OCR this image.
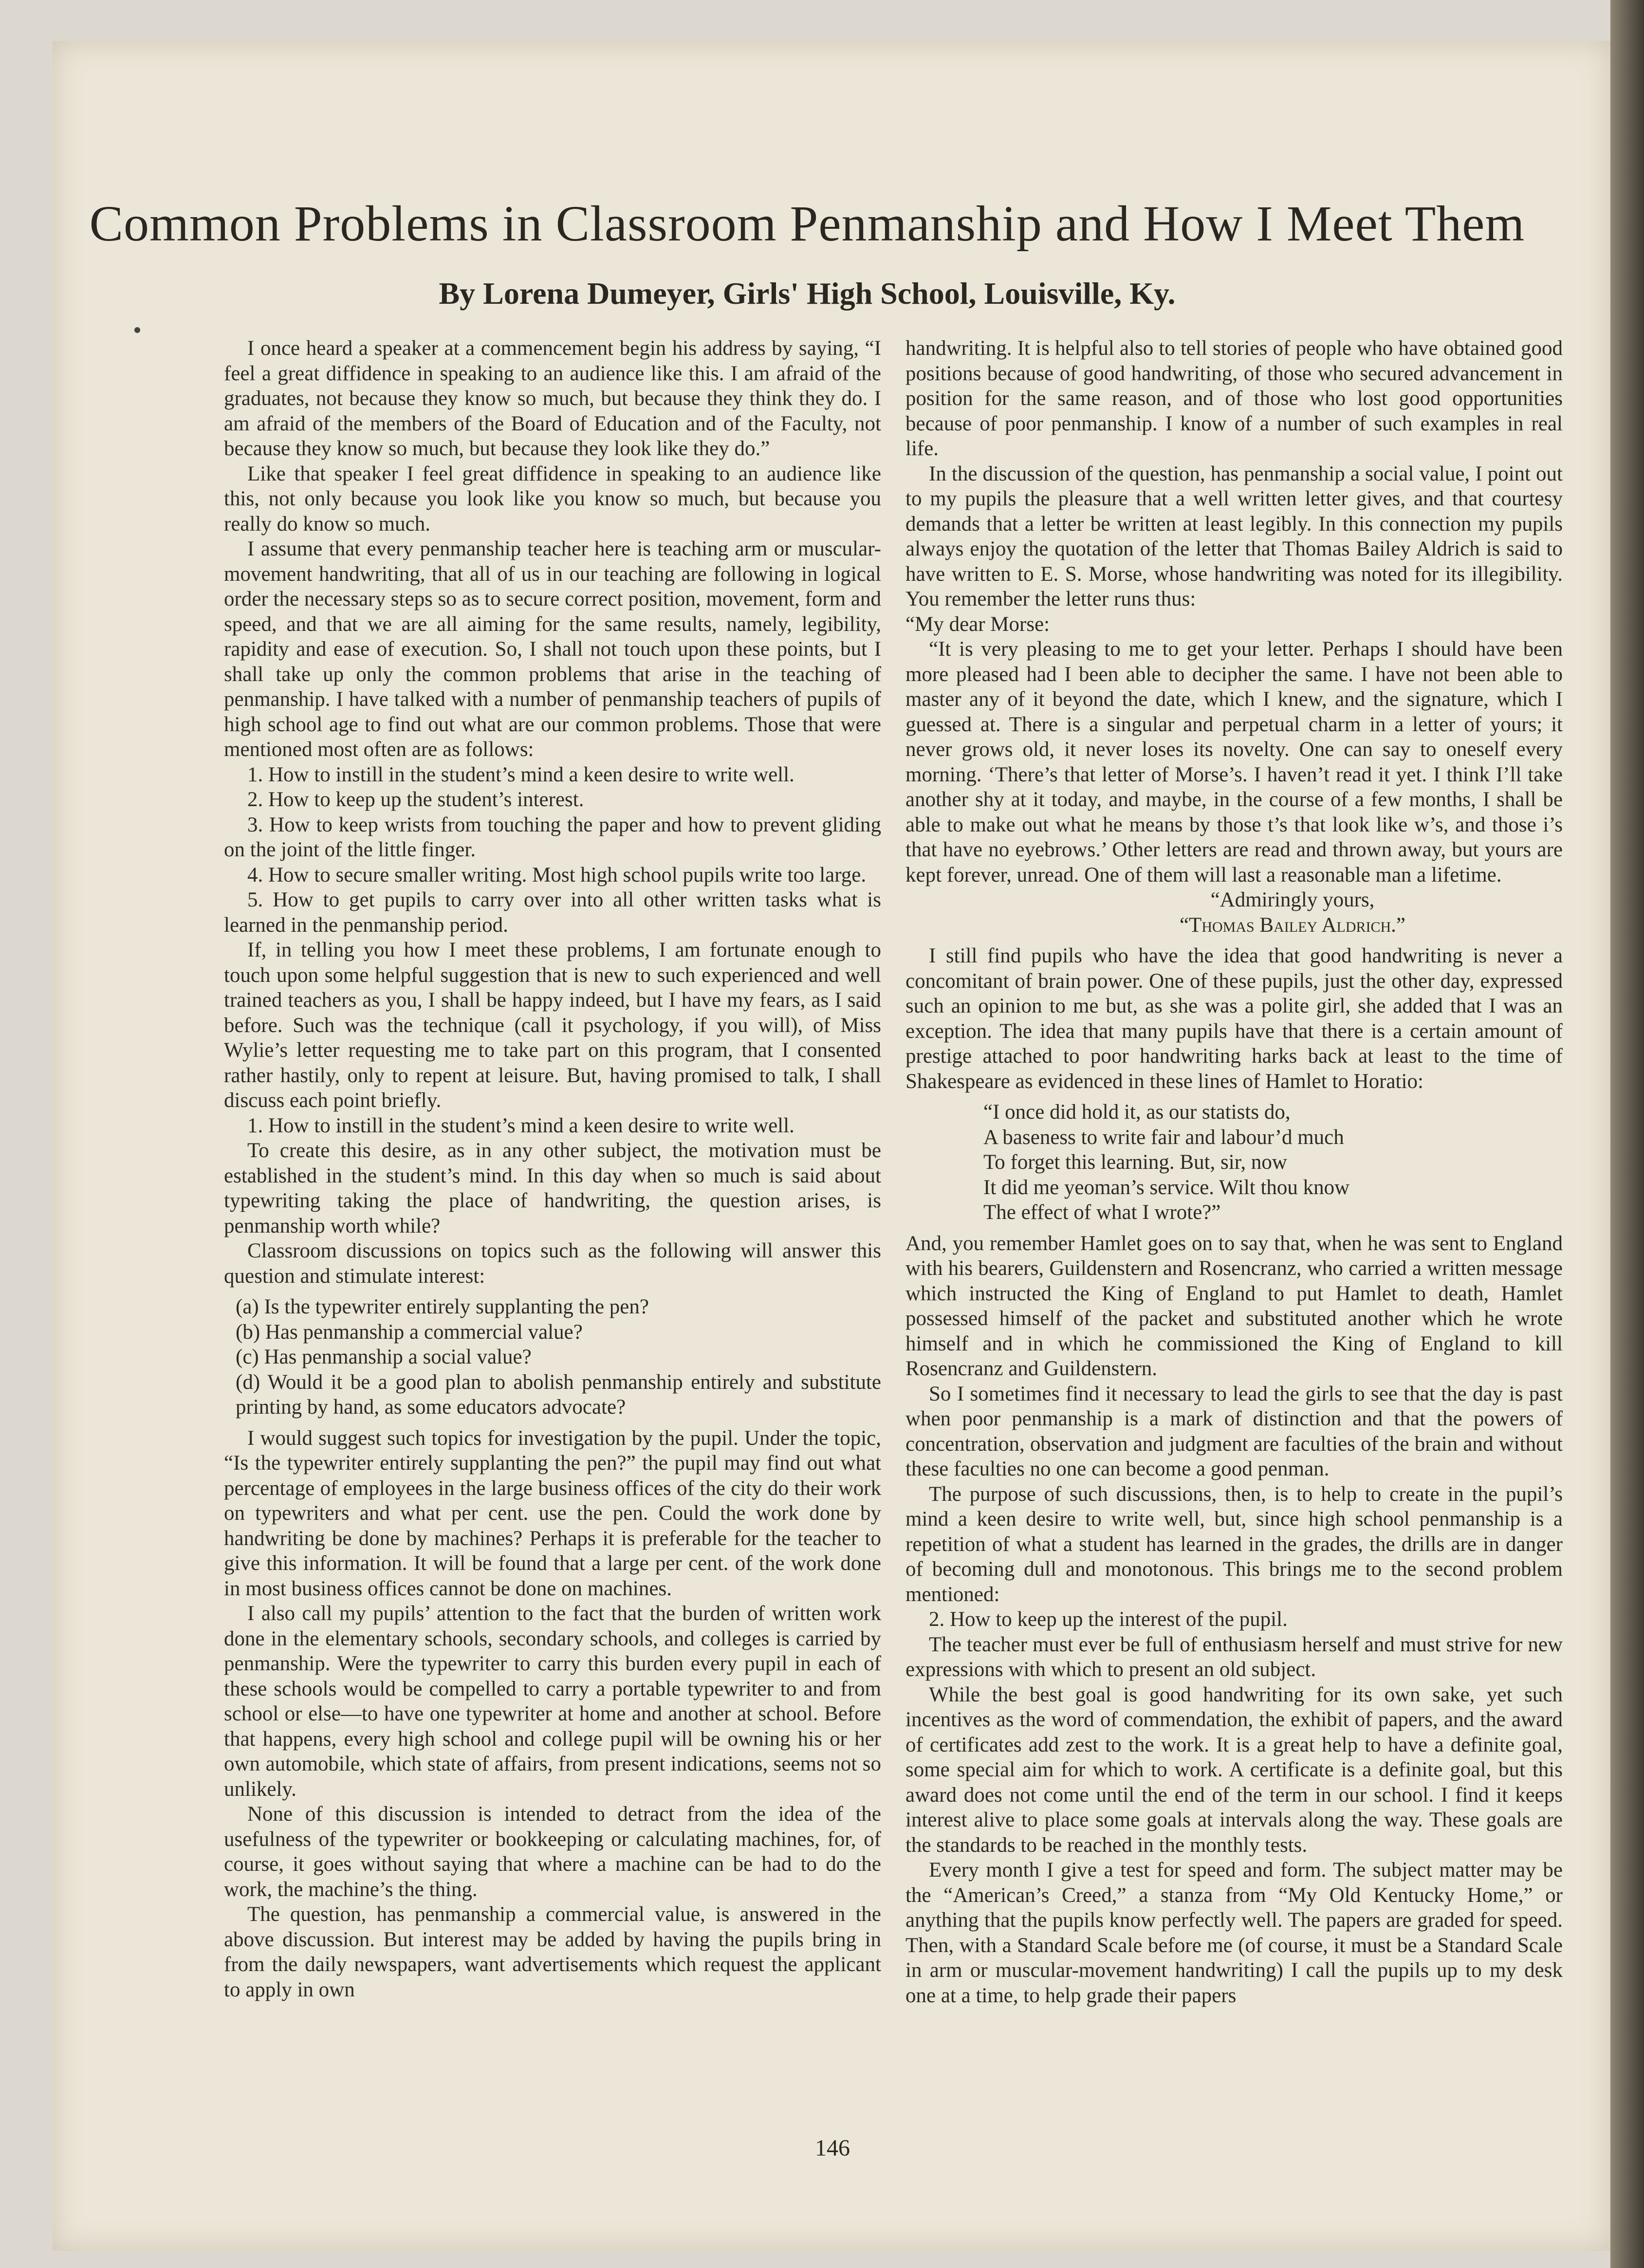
Common Problems in Classroom Penmanship and How I Meet Them
By Lorena Dumeyer, Girls' High School, Louisville, Ky.

I once heard a speaker at a commencement begin his address by saying, “I feel a great diffidence in speaking to an audience like this. I am afraid of the graduates, not because they know so much, but because they think they do. I am afraid of the members of the Board of Education and of the Faculty, not because they know so much, but because they look like they do.”

Like that speaker I feel great diffidence in speaking to an audience like this, not only because you look like you know so much, but because you really do know so much.

I assume that every penmanship teacher here is teaching arm or muscular-movement handwriting, that all of us in our teaching are following in logical order the necessary steps so as to secure correct position, movement, form and speed, and that we are all aiming for the same results, namely, legibility, rapidity and ease of execution. So, I shall not touch upon these points, but I shall take up only the common problems that arise in the teaching of penmanship. I have talked with a number of penmanship teachers of pupils of high school age to find out what are our common problems. Those that were mentioned most often are as follows:

1. How to instill in the student’s mind a keen desire to write well.

2. How to keep up the student’s interest.

3. How to keep wrists from touching the paper and how to prevent gliding on the joint of the little finger.

4. How to secure smaller writing. Most high school pupils write too large.

5. How to get pupils to carry over into all other written tasks what is learned in the penmanship period.

If, in telling you how I meet these problems, I am fortunate enough to touch upon some helpful suggestion that is new to such experienced and well trained teachers as you, I shall be happy indeed, but I have my fears, as I said before. Such was the technique (call it psychology, if you will), of Miss Wylie’s letter requesting me to take part on this program, that I consented rather hastily, only to repent at leisure. But, having promised to talk, I shall discuss each point briefly.

1. How to instill in the student’s mind a keen desire to write well.

To create this desire, as in any other subject, the motivation must be established in the student’s mind. In this day when so much is said about typewriting taking the place of handwriting, the question arises, is penmanship worth while?

Classroom discussions on topics such as the following will answer this question and stimulate interest:

(a) Is the typewriter entirely supplanting the pen?

(b) Has penmanship a commercial value?

(c) Has penmanship a social value?

(d) Would it be a good plan to abolish penmanship entirely and substitute printing by hand, as some educators advocate?

I would suggest such topics for investigation by the pupil. Under the topic, “Is the typewriter entirely supplanting the pen?” the pupil may find out what percentage of employees in the large business offices of the city do their work on typewriters and what per cent. use the pen. Could the work done by handwriting be done by machines? Perhaps it is preferable for the teacher to give this information. It will be found that a large per cent. of the work done in most business offices cannot be done on machines.

I also call my pupils’ attention to the fact that the burden of written work done in the elementary schools, secondary schools, and colleges is carried by penmanship. Were the typewriter to carry this burden every pupil in each of these schools would be compelled to carry a portable typewriter to and from school or else—to have one typewriter at home and another at school. Before that happens, every high school and college pupil will be owning his or her own automobile, which state of affairs, from present indications, seems not so unlikely.

None of this discussion is intended to detract from the idea of the usefulness of the typewriter or bookkeeping or calculating machines, for, of course, it goes without saying that where a machine can be had to do the work, the machine’s the thing.

The question, has penmanship a commercial value, is answered in the above discussion. But interest may be added by having the pupils bring in from the daily newspapers, want advertisements which request the applicant to apply in own

handwriting. It is helpful also to tell stories of people who have obtained good positions because of good handwriting, of those who secured advancement in position for the same reason, and of those who lost good opportunities because of poor penmanship. I know of a number of such examples in real life.

In the discussion of the question, has penmanship a social value, I point out to my pupils the pleasure that a well written letter gives, and that courtesy demands that a letter be written at least legibly. In this connection my pupils always enjoy the quotation of the letter that Thomas Bailey Aldrich is said to have written to E. S. Morse, whose handwriting was noted for its illegibility. You remember the letter runs thus:

“My dear Morse:

“It is very pleasing to me to get your letter. Perhaps I should have been more pleased had I been able to decipher the same. I have not been able to master any of it beyond the date, which I knew, and the signature, which I guessed at. There is a singular and perpetual charm in a letter of yours; it never grows old, it never loses its novelty. One can say to oneself every morning. ‘There’s that letter of Morse’s. I haven’t read it yet. I think I’ll take another shy at it today, and maybe, in the course of a few months, I shall be able to make out what he means by those t’s that look like w’s, and those i’s that have no eyebrows.’ Other letters are read and thrown away, but yours are kept forever, unread. One of them will last a reasonable man a lifetime.

“Admiringly yours,

“Thomas Bailey Aldrich.”

I still find pupils who have the idea that good handwriting is never a concomitant of brain power. One of these pupils, just the other day, expressed such an opinion to me but, as she was a polite girl, she added that I was an exception. The idea that many pupils have that there is a certain amount of prestige attached to poor handwriting harks back at least to the time of Shakespeare as evidenced in these lines of Hamlet to Horatio:

“I once did hold it, as our statists do,

A baseness to write fair and labour’d much

To forget this learning. But, sir, now

It did me yeoman’s service. Wilt thou know

The effect of what I wrote?”

And, you remember Hamlet goes on to say that, when he was sent to England with his bearers, Guildenstern and Rosencranz, who carried a written message which instructed the King of England to put Hamlet to death, Hamlet possessed himself of the packet and substituted another which he wrote himself and in which he commissioned the King of England to kill Rosencranz and Guildenstern.

So I sometimes find it necessary to lead the girls to see that the day is past when poor penmanship is a mark of distinction and that the powers of concentration, observation and judgment are faculties of the brain and without these faculties no one can become a good penman.

The purpose of such discussions, then, is to help to create in the pupil’s mind a keen desire to write well, but, since high school penmanship is a repetition of what a student has learned in the grades, the drills are in danger of becoming dull and monotonous. This brings me to the second problem mentioned:

2. How to keep up the interest of the pupil.

The teacher must ever be full of enthusiasm herself and must strive for new expressions with which to present an old subject.

While the best goal is good handwriting for its own sake, yet such incentives as the word of commendation, the exhibit of papers, and the award of certificates add zest to the work. It is a great help to have a definite goal, some special aim for which to work. A certificate is a definite goal, but this award does not come until the end of the term in our school. I find it keeps interest alive to place some goals at intervals along the way. These goals are the standards to be reached in the monthly tests.

Every month I give a test for speed and form. The subject matter may be the “American’s Creed,” a stanza from “My Old Kentucky Home,” or anything that the pupils know perfectly well. The papers are graded for speed. Then, with a Standard Scale before me (of course, it must be a Standard Scale in arm or muscular-movement handwriting) I call the pupils up to my desk one at a time, to help grade their papers

146
